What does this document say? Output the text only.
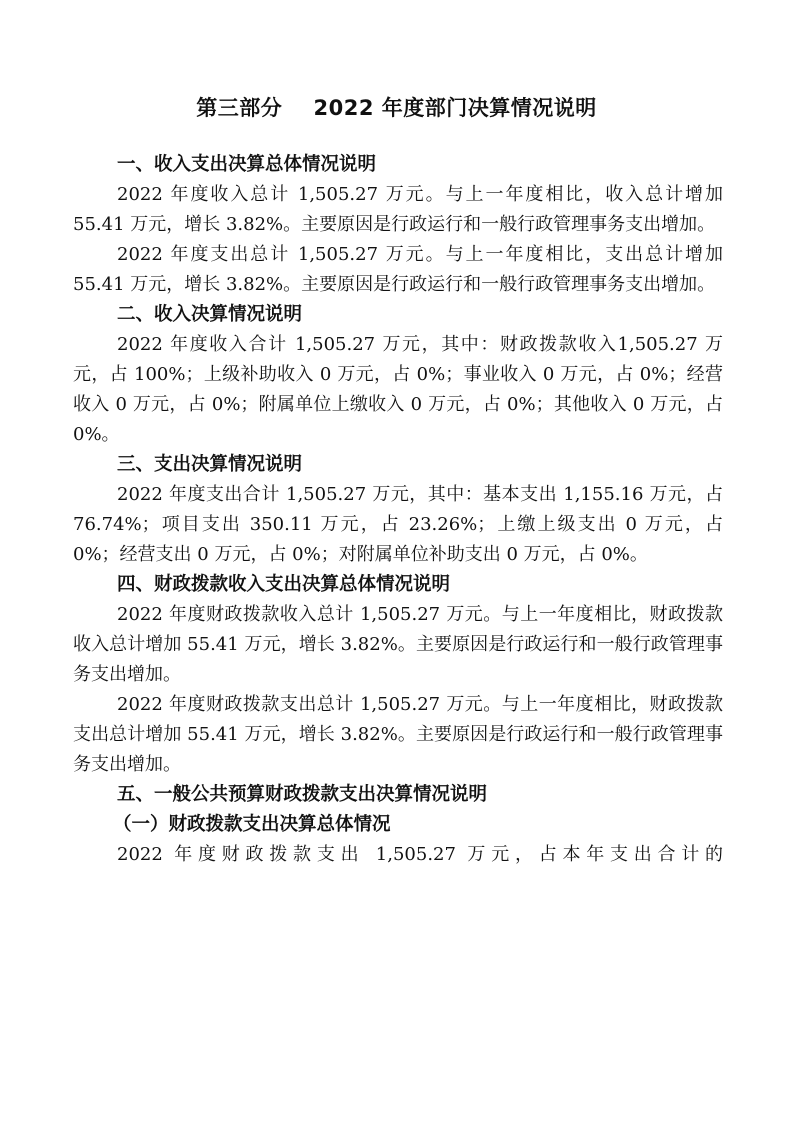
第三部分    2022 年度部门决算情况说明
一、收入支出决算总体情况说明
2022 年度收入总计 1,505.27 万元。与上一年度相比，收入总计增加 55.41 万元，增长 3.82%。主要原因是行政运行和一般行政管理事务支出增加。
2022 年度支出总计 1,505.27 万元。与上一年度相比，支出总计增加 55.41 万元，增长 3.82%。主要原因是行政运行和一般行政管理事务支出增加。
二、收入决算情况说明
2022 年度收入合计 1,505.27 万元，其中：财政拨款收入1,505.27 万元，占 100%；上级补助收入 0 万元，占 0%；事业收入 0 万元，占 0%；经营收入 0 万元，占 0%；附属单位上缴收入 0 万元，占 0%；其他收入 0 万元，占 0%。
三、支出决算情况说明
2022 年度支出合计 1,505.27 万元，其中：基本支出 1,155.16 万元，占 76.74%；项目支出 350.11 万元，占 23.26%；上缴上级支出 0 万元，占 0%；经营支出 0 万元，占 0%；对附属单位补助支出 0 万元，占 0%。
四、财政拨款收入支出决算总体情况说明
2022 年度财政拨款收入总计 1,505.27 万元。与上一年度相比，财政拨款收入总计增加 55.41 万元，增长 3.82%。主要原因是行政运行和一般行政管理事务支出增加。
2022 年度财政拨款支出总计 1,505.27 万元。与上一年度相比，财政拨款支出总计增加 55.41 万元，增长 3.82%。主要原因是行政运行和一般行政管理事务支出增加。
五、一般公共预算财政拨款支出决算情况说明
（一）财政拨款支出决算总体情况
2022 年度财政拨款支出 1,505.27 万元，占本年支出合计的
